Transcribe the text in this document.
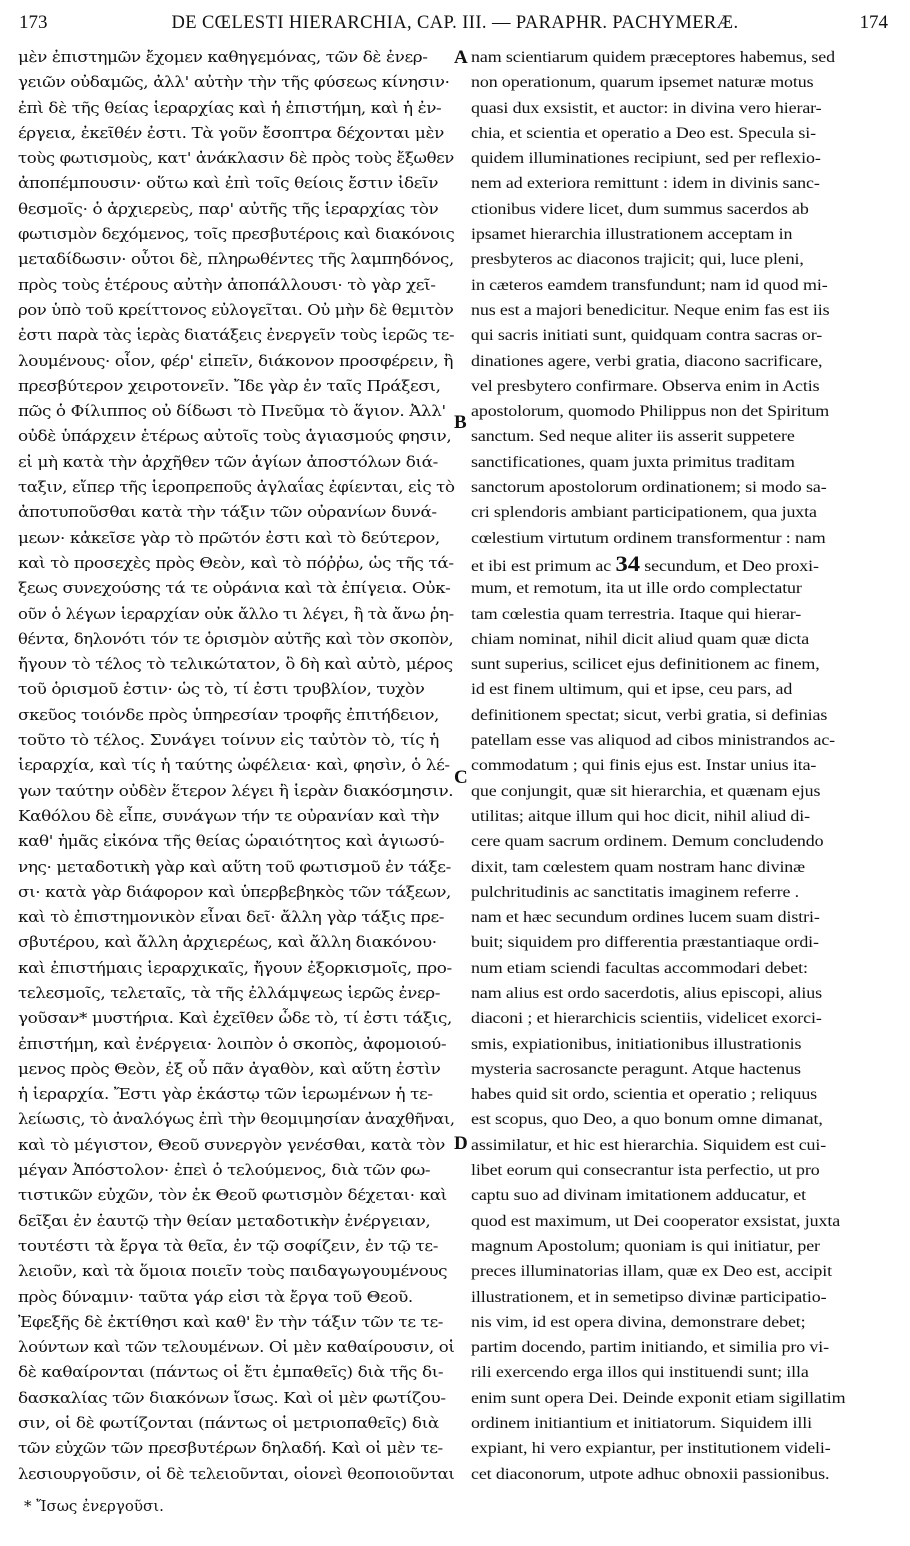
173	DE CŒLESTI HIERARCHIA, CAP. III. — PARAPHR. PACHYMERÆ.	174
μὲν ἐπιστημῶν ἔχομεν καθηγεμόνας, τῶν δὲ ἐνερ-
γειῶν οὐδαμῶς, ἀλλ' αὐτὴν τὴν τῆς φύσεως κίνησιν·
ἐπὶ δὲ τῆς θείας ἱεραρχίας καὶ ἡ ἐπιστήμη, καὶ ἡ ἐν-
έργεια, ἐκεῖθέν ἐστι. Τὰ γοῦν ἔσοπτρα δέχονται μὲν
τοὺς φωτισμοὺς, κατ' ἀνάκλασιν δὲ πρὸς τοὺς ἔξωθεν
ἀποπέμπουσιν· οὕτω καὶ ἐπὶ τοῖς θείοις ἔστιν ἰδεῖν
θεσμοῖς· ὁ ἀρχιερεὺς, παρ' αὐτῆς τῆς ἱεραρχίας τὸν
φωτισμὸν δεχόμενος, τοῖς πρεσβυτέροις καὶ διακόνοις
μεταδίδωσιν· οὗτοι δὲ, πληρωθέντες τῆς λαμπηδόνος,
πρὸς τοὺς ἑτέρους αὐτὴν ἀποπάλλουσι· τὸ γὰρ χεῖ-
ρον ὑπὸ τοῦ κρείττονος εὐλογεῖται. Οὐ μὴν δὲ θεμιτὸν
ἐστι παρὰ τὰς ἱερὰς διατάξεις ἐνεργεῖν τοὺς ἱερῶς τε-
λουμένους· οἷον, φέρ' εἰπεῖν, διάκονον προσφέρειν, ἢ
πρεσβύτερον χειροτονεῖν. Ἴδε γὰρ ἐν ταῖς Πράξεσι,
πῶς ὁ Φίλιππος οὐ δίδωσι τὸ Πνεῦμα τὸ ἅγιον. Ἀλλ'
οὐδὲ ὑπάρχειν ἑτέρως αὐτοῖς τοὺς ἁγιασμούς φησιν,
εἰ μὴ κατὰ τὴν ἀρχῆθεν τῶν ἁγίων ἀποστόλων διά-
ταξιν, εἴπερ τῆς ἱεροπρεποῦς ἀγλαΐας ἐφίενται, εἰς τὸ
ἀποτυποῦσθαι κατὰ τὴν τάξιν τῶν οὐρανίων δυνά-
μεων· κἀκεῖσε γὰρ τὸ πρῶτόν ἐστι καὶ τὸ δεύτερον,
καὶ τὸ προσεχὲς πρὸς Θεὸν, καὶ τὸ πόῤῥω, ὡς τῆς τά-
ξεως συνεχούσης τά τε οὐράνια καὶ τὰ ἐπίγεια. Οὐκ-
οῦν ὁ λέγων ἱεραρχίαν οὐκ ἄλλο τι λέγει, ἢ τὰ ἄνω ῥη-
θέντα, δηλονότι τόν τε ὁρισμὸν αὐτῆς καὶ τὸν σκοπὸν,
ἤγουν τὸ τέλος τὸ τελικώτατον, ὃ δὴ καὶ αὐτὸ, μέρος
τοῦ ὁρισμοῦ ἐστιν· ὡς τὸ, τί ἐστι τρυβλίον, τυχὸν
σκεῦος τοιόνδε πρὸς ὑπηρεσίαν τροφῆς ἐπιτήδειον,
τοῦτο τὸ τέλος. Συνάγει τοίνυν εἰς ταὐτὸν τὸ, τίς ἡ
ἱεραρχία, καὶ τίς ἡ ταύτης ὠφέλεια· καὶ, φησὶν, ὁ λέ-
γων ταύτην οὐδὲν ἕτερον λέγει ἢ ἱερὰν διακόσμησιν.
Καθόλου δὲ εἶπε, συνάγων τήν τε οὐρανίαν καὶ τὴν
καθ' ἡμᾶς εἰκόνα τῆς θείας ὡραιότητος καὶ ἁγιωσύ-
νης· μεταδοτικὴ γὰρ καὶ αὕτη τοῦ φωτισμοῦ ἐν τάξε-
σι· κατὰ γὰρ διάφορον καὶ ὑπερβεβηκὸς τῶν τάξεων,
καὶ τὸ ἐπιστημονικὸν εἶναι δεῖ· ἄλλη γὰρ τάξις πρε-
σβυτέρου, καὶ ἄλλη ἀρχιερέως, καὶ ἄλλη διακόνου·
καὶ ἐπιστήμαις ἱεραρχικαῖς, ἤγουν ἐξορκισμοῖς, προ-
τελεσμοῖς, τελεταῖς, τὰ τῆς ἐλλάμψεως ἱερῶς ἐνερ-
γοῦσαν* μυστήρια. Καὶ ἐχεῖθεν ὧδε τὸ, τί ἐστι τάξις,
ἐπιστήμη, καὶ ἐνέργεια· λοιπὸν ὁ σκοπὸς, ἀφομοιού-
μενος πρὸς Θεὸν, ἐξ οὗ πᾶν ἀγαθὸν, καὶ αὕτη ἐστὶν
ἡ ἱεραρχία. Ἔστι γὰρ ἑκάστῳ τῶν ἱερωμένων ἡ τε-
λείωσις, τὸ ἀναλόγως ἐπὶ τὴν θεομιμησίαν ἀναχθῆναι,
καὶ τὸ μέγιστον, Θεοῦ συνεργὸν γενέσθαι, κατὰ τὸν
μέγαν Ἀπόστολον· ἐπεὶ ὁ τελούμενος, διὰ τῶν φω-
τιστικῶν εὐχῶν, τὸν ἐκ Θεοῦ φωτισμὸν δέχεται· καὶ
δεῖξαι ἐν ἑαυτῷ τὴν θείαν μεταδοτικὴν ἐνέργειαν,
τουτέστι τὰ ἔργα τὰ θεῖα, ἐν τῷ σοφίζειν, ἐν τῷ τε-
λειοῦν, καὶ τὰ ὅμοια ποιεῖν τοὺς παιδαγωγουμένους
πρὸς δύναμιν· ταῦτα γάρ εἰσι τὰ ἔργα τοῦ Θεοῦ.
Ἐφεξῆς δὲ ἐκτίθησι καὶ καθ' ἓν τὴν τάξιν τῶν τε τε-
λούντων καὶ τῶν τελουμένων. Οἱ μὲν καθαίρουσιν, οἱ
δὲ καθαίρονται (πάντως οἱ ἔτι ἐμπαθεῖς) διὰ τῆς δι-
δασκαλίας τῶν διακόνων ἴσως. Καὶ οἱ μὲν φωτίζου-
σιν, οἱ δὲ φωτίζονται (πάντως οἱ μετριοπαθεῖς) διὰ
τῶν εὐχῶν τῶν πρεσβυτέρων δηλαδή. Καὶ οἱ μὲν τε-
λεσιουργοῦσιν, οἱ δὲ τελειοῦνται, οἱονεὶ θεοποιοῦνται
nam scientiarum quidem præceptores habemus, sed
non operationum, quarum ipsemet naturæ motus
quasi dux exsistit, et auctor: in divina vero hierar-
chia, et scientia et operatio a Deo est. Specula si-
quidem illuminationes recipiunt, sed per reflexio-
nem ad exteriora remittunt : idem in divinis sanc-
ctionibus videre licet, dum summus sacerdos ab
ipsamet hierarchia illustrationem acceptam in
presbyteros ac diaconos trajicit; qui, luce pleni,
in cæteros eamdem transfundunt; nam id quod mi-
nus est a majori benedicitur. Neque enim fas est iis
qui sacris initiati sunt, quidquam contra sacras or-
dinationes agere, verbi gratia, diacono sacrificare,
vel presbytero confirmare. Observa enim in Actis
apostolorum, quomodo Philippus non det Spiritum
sanctum. Sed neque aliter iis asserit suppetere
sanctificationes, quam juxta primitus traditam
sanctorum apostolorum ordinationem; si modo sa-
cri splendoris ambiant participationem, qua juxta
cœlestium virtutum ordinem transformentur : nam
et ibi est primum ac 34 secundum, et Deo proxi-
mum, et remotum, ita ut ille ordo complectatur
tam cœlestia quam terrestria. Itaque qui hierar-
chiam nominat, nihil dicit aliud quam quæ dicta
sunt superius, scilicet ejus definitionem ac finem,
id est finem ultimum, qui et ipse, ceu pars, ad
definitionem spectat; sicut, verbi gratia, si definias
patellam esse vas aliquod ad cibos ministrandos ac-
commodatum ; qui finis ejus est. Instar unius ita-
que conjungit, quæ sit hierarchia, et quænam ejus
utilitas; aitque illum qui hoc dicit, nihil aliud di-
cere quam sacrum ordinem. Demum concludendo
dixit, tam cœlestem quam nostram hanc divinæ
pulchritudinis ac sanctitatis imaginem referre .
nam et hæc secundum ordines lucem suam distri-
buit; siquidem pro differentia præstantiaque ordi-
num etiam sciendi facultas accommodari debet:
nam alius est ordo sacerdotis, alius episcopi, alius
diaconi ; et hierarchicis scientiis, videlicet exorci-
smis, expiationibus, initiationibus illustrationis
mysteria sacrosancte peragunt. Atque hactenus
habes quid sit ordo, scientia et operatio ; reliquus
est scopus, quo Deo, a quo bonum omne dimanat,
assimilatur, et hic est hierarchia. Siquidem est cui-
libet eorum qui consecrantur ista perfectio, ut pro
captu suo ad divinam imitationem adducatur, et
quod est maximum, ut Dei cooperator exsistat, juxta
magnum Apostolum; quoniam is qui initiatur, per
preces illuminatorias illam, quæ ex Deo est, accipit
illustrationem, et in semetipso divinæ participatio-
nis vim, id est opera divina, demonstrare debet;
partim docendo, partim initiando, et similia pro vi-
rili exercendo erga illos qui instituendi sunt; illa
enim sunt opera Dei. Deinde exponit etiam sigillatim
ordinem initiantium et initiatorum. Siquidem illi
expiant, hi vero expiantur, per institutionem videli-
cet diaconorum, utpote adhuc obnoxii passionibus.
A
B
C
D
* Ἴσως ἐνεργοῦσι.
